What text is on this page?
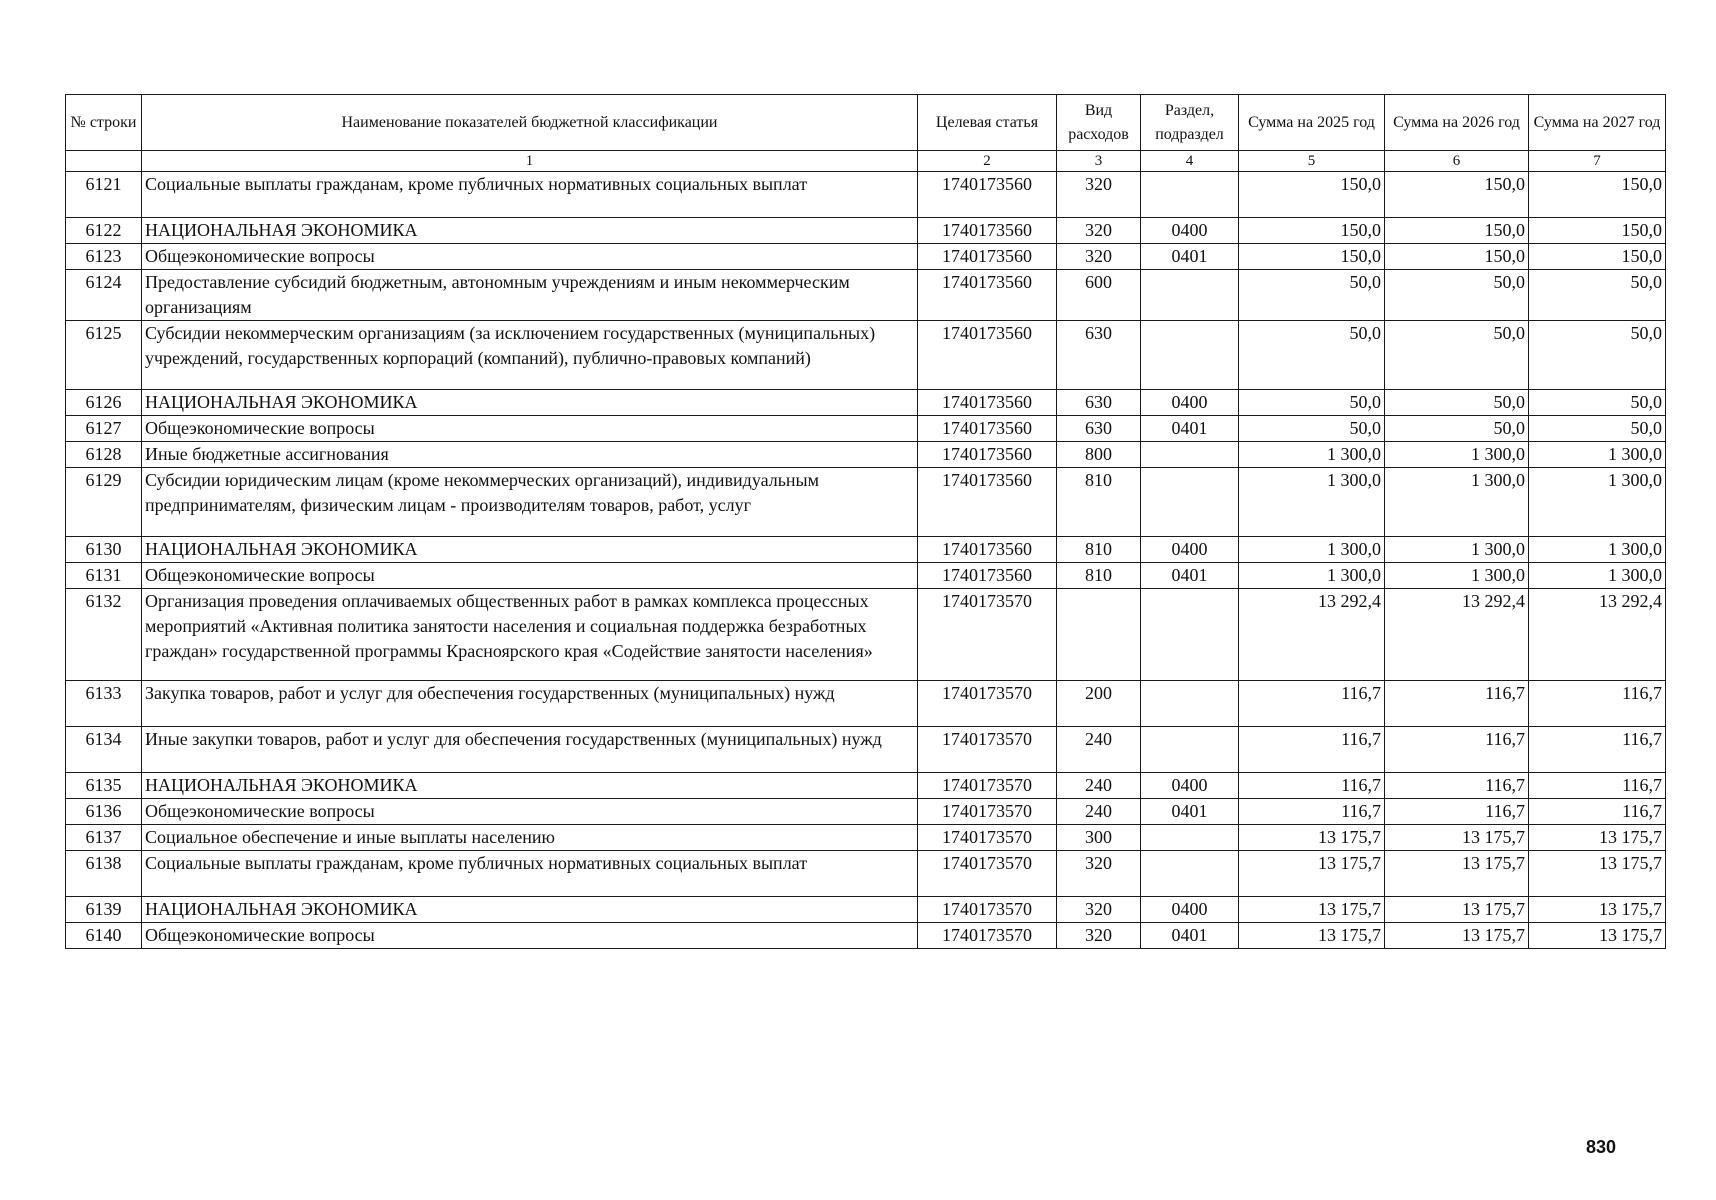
№ строки	Наименование показателей бюджетной классификации	Целевая статья	Вид расходов	Раздел, подраздел	Сумма на 2025 год	Сумма на 2026 год	Сумма на 2027 год
	1	2	3	4	5	6	7
6121	Социальные выплаты гражданам, кроме публичных нормативных социальных выплат	1740173560	320		150,0	150,0	150,0
6122	НАЦИОНАЛЬНАЯ ЭКОНОМИКА	1740173560	320	0400	150,0	150,0	150,0
6123	Общеэкономические вопросы	1740173560	320	0401	150,0	150,0	150,0
6124	Предоставление субсидий бюджетным, автономным учреждениям и иным некоммерческим организациям	1740173560	600		50,0	50,0	50,0
6125	Субсидии некоммерческим организациям (за исключением государственных (муниципальных) учреждений, государственных корпораций (компаний), публично-правовых компаний)	1740173560	630		50,0	50,0	50,0
6126	НАЦИОНАЛЬНАЯ ЭКОНОМИКА	1740173560	630	0400	50,0	50,0	50,0
6127	Общеэкономические вопросы	1740173560	630	0401	50,0	50,0	50,0
6128	Иные бюджетные ассигнования	1740173560	800		1 300,0	1 300,0	1 300,0
6129	Субсидии юридическим лицам (кроме некоммерческих организаций), индивидуальным предпринимателям, физическим лицам - производителям товаров, работ, услуг	1740173560	810		1 300,0	1 300,0	1 300,0
6130	НАЦИОНАЛЬНАЯ ЭКОНОМИКА	1740173560	810	0400	1 300,0	1 300,0	1 300,0
6131	Общеэкономические вопросы	1740173560	810	0401	1 300,0	1 300,0	1 300,0
6132	Организация проведения оплачиваемых общественных работ в рамках комплекса процессных мероприятий «Активная политика занятости населения и социальная поддержка безработных граждан» государственной программы Красноярского края «Содействие занятости населения»	1740173570			13 292,4	13 292,4	13 292,4
6133	Закупка товаров, работ и услуг для обеспечения государственных (муниципальных) нужд	1740173570	200		116,7	116,7	116,7
6134	Иные закупки товаров, работ и услуг для обеспечения государственных (муниципальных) нужд	1740173570	240		116,7	116,7	116,7
6135	НАЦИОНАЛЬНАЯ ЭКОНОМИКА	1740173570	240	0400	116,7	116,7	116,7
6136	Общеэкономические вопросы	1740173570	240	0401	116,7	116,7	116,7
6137	Социальное обеспечение и иные выплаты населению	1740173570	300		13 175,7	13 175,7	13 175,7
6138	Социальные выплаты гражданам, кроме публичных нормативных социальных выплат	1740173570	320		13 175,7	13 175,7	13 175,7
6139	НАЦИОНАЛЬНАЯ ЭКОНОМИКА	1740173570	320	0400	13 175,7	13 175,7	13 175,7
6140	Общеэкономические вопросы	1740173570	320	0401	13 175,7	13 175,7	13 175,7
830
